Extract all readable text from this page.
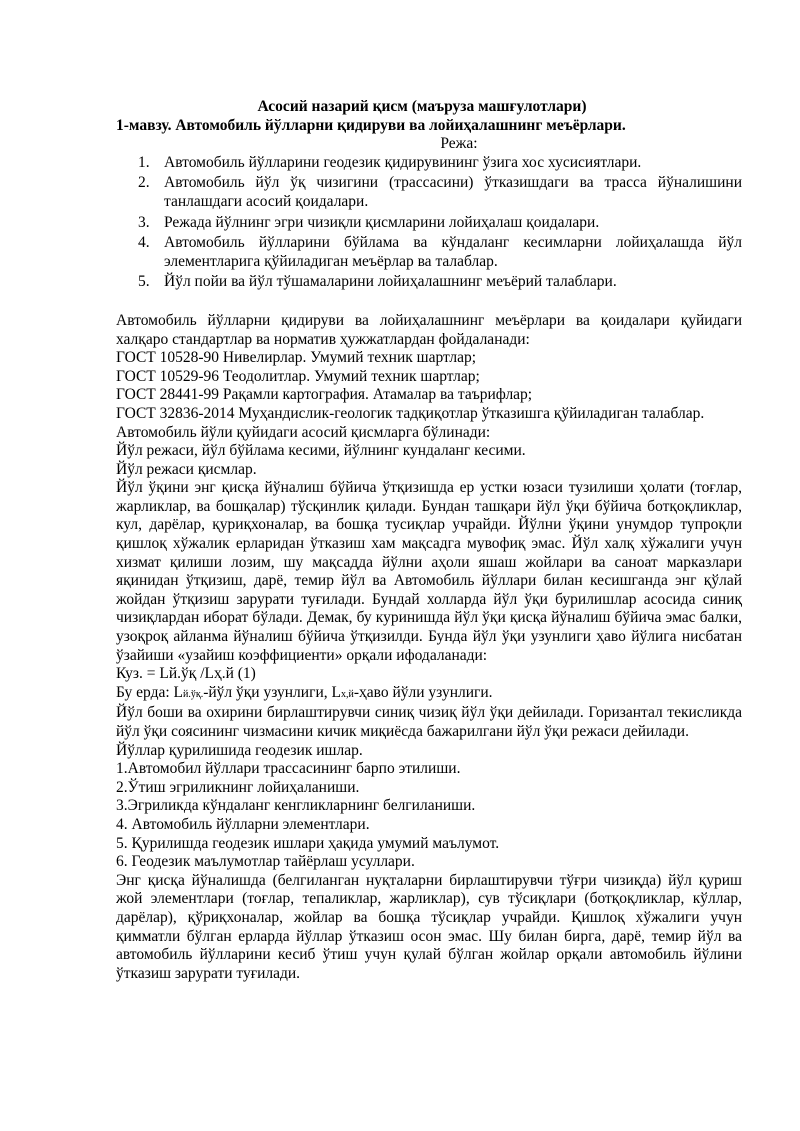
Асосий назарий қисм (маъруза машғулотлари)
1-мавзу. Автомобиль йўлларни қидируви ва лойиҳалашнинг меъёрлари.
Режа:
1. Автомобиль йўлларини геодезик қидирувининг ўзига хос хусисиятлари.
2. Автомобиль йўл ўқ чизигини (трассасини) ўтказишдаги ва трасса йўналишини танлашдаги асосий қоидалари.
3. Режада йўлнинг эгри чизиқли қисмларини лойиҳалаш қоидалари.
4. Автомобиль йўлларини бўйлама ва кўндаланг кесимларни лойиҳалашда йўл элементларига қўйиладиган меъёрлар ва талаблар.
5. Йўл пойи ва йўл тўшамаларини лойиҳалашнинг меъёрий талаблари.

Автомобиль йўлларни қидируви ва лойиҳалашнинг меъёрлари ва қоидалари қуйидаги халқаро стандартлар ва норматив ҳужжатлардан фойдаланади:

ГОСТ 10528-90 Нивелирлар. Умумий техник шартлар;

ГОСТ 10529-96 Теодолитлар. Умумий техник шартлар;

ГОСТ 28441-99 Рақамли картография. Атамалар ва таърифлар;

ГОСТ 32836-2014 Муҳандислик-геологик тадқиқотлар ўтказишга қўйиладиган талаблар.

Автомобиль йўли қуйидаги асосий қисмларга бўлинади:

Йўл режаси, йўл бўйлама кесими, йўлнинг кундаланг кесими.

Йўл режаси қисмлар.

Йўл ўқини энг қисқа йўналиш бўйича ўтқизишда ер устки юзаси тузилиши ҳолати (тоғлар, жарликлар, ва бошқалар) тўсқинлик қилади. Бундан ташқари йўл ўқи бўйича ботқоқликлар, кул, дарёлар, қуриқхоналар, ва бошқа тусиқлар учрайди. Йўлни ўқини унумдор тупроқли қишлоқ хўжалик ерларидан ўтказиш хам мақсадга мувофиқ эмас. Йўл халқ хўжалиги учун хизмат қилиши лозим, шу мақсадда йўлни аҳоли яшаш жойлари ва саноат марказлари яқинидан ўтқизиш, дарё, темир йўл ва Автомобиль йўллари билан кесишганда энг қўлай жойдан ўтқизиш зарурати туғилади. Бундай холларда йўл ўқи бурилишлар асосида синиқ чизиқлардан иборат бўлади. Демак, бу куринишда йўл ўқи қисқа йўналиш бўйича эмас балки, узоқроқ айланма йўналиш бўйича ўтқизилди. Бунда йўл ўқи узунлиги ҳаво йўлига нисбатан ўзайиши «узайиш коэффициенти» орқали ифодаланади:

Куз. = Lй.ўқ /Lҳ.й (1)

Бу ерда: Lй.ўқ.-йўл ўқи узунлиги, Lх,й-ҳаво йўли узунлиги.

Йўл боши ва охирини бирлаштирувчи синиқ чизиқ йўл ўқи дейилади. Горизантал текисликда йўл ўқи соясининг чизмасини кичик миқиёсда бажарилгани йўл ўқи режаси дейилади.

Йўллар қурилишида геодезик ишлар.

1.Автомобил йўллари трассасининг барпо этилиши.

2.Ўтиш эгриликнинг лойиҳаланиши.

3.Эгриликда кўндаланг кенгликларнинг белгиланиши.

4. Автомобиль йўлларни элементлари.

5. Қурилишда геодезик ишлари ҳақида умумий маълумот.

6. Геодезик маълумотлар тайёрлаш усуллари.

Энг қисқа йўналишда (белгиланган нуқталарни бирлаштирувчи тўғри чизиқда) йўл қуриш жой элементлари (тоғлар, тепаликлар, жарликлар), сув тўсиқлари (ботқоқликлар, кўллар, дарёлар), қўриқхоналар, жойлар ва бошқа тўсиқлар учрайди. Қишлоқ хўжалиги учун қимматли бўлган ерларда йўллар ўтказиш осон эмас. Шу билан бирга, дарё, темир йўл ва автомобиль йўлларини кесиб ўтиш учун қулай бўлган жойлар орқали автомобиль йўлини ўтказиш зарурати туғилади.
